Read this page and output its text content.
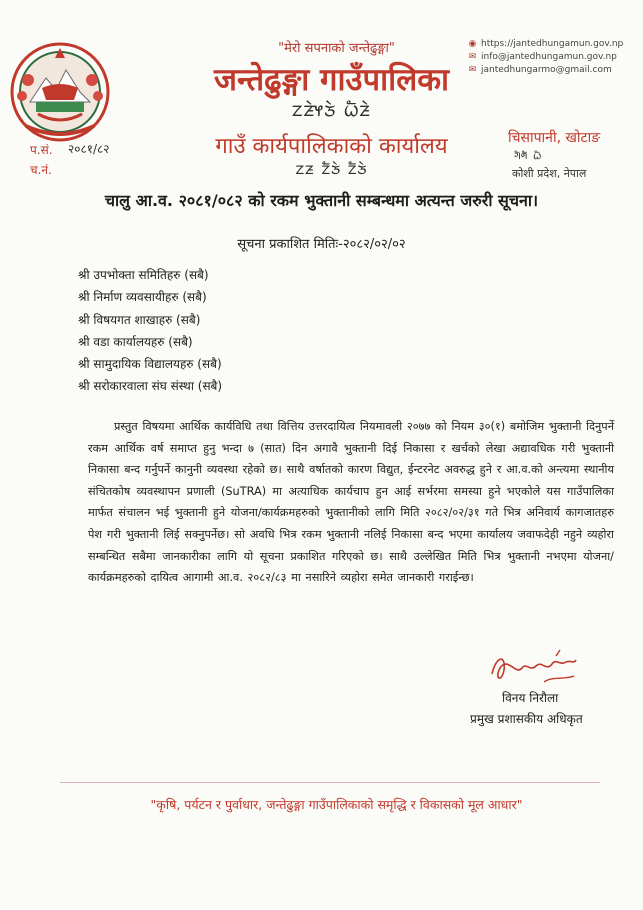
"मेरो सपनाको जन्तेढुङ्गा"
जन्तेढुङ्गा गाउँपालिका
ᤁᤏᤧᤶᤍᤧ ᤐᤠᤏᤧ
गाउँ कार्यपालिकाको कार्यालय
ᤁᤏ ᤁᤠᤍᤧ ᤁᤠᤍᤧ
◉ https://jantedhungamun.gov.np
✉ info@jantedhungamun.gov.np
✉ jantedhungarmo@gmail.com
चिसापानी, खोटाङ
ᤆᤠᤛᤠ ᤐᤠ
कोशी प्रदेश, नेपाल
प.सं.
च.नं.
२०८१/८२
चालु आ.व. २०८१/०८२ को रकम भुक्तानी सम्बन्धमा अत्यन्त जरुरी सूचना।
सूचना प्रकाशित मितिः-२०८२/०२/०२
श्री उपभोक्ता समितिहरु (सबै)
श्री निर्माण व्यवसायीहरु (सबै)
श्री विषयगत शाखाहरु (सबै)
श्री वडा कार्यालयहरु (सबै)
श्री सामुदायिक विद्यालयहरु (सबै)
श्री सरोकारवाला संघ संस्था (सबै)

प्रस्तुत विषयमा आर्थिक कार्यविधि तथा वित्तिय उत्तरदायित्व नियमावली २०७७ को नियम ३०(१) बमोजिम भुक्तानी दिनुपर्ने रकम आर्थिक वर्ष समाप्त हुनु भन्दा ७ (सात) दिन अगावै भुक्तानी दिई निकासा र खर्चको लेखा अद्यावधिक गरी भुक्तानी निकासा बन्द गर्नुपर्ने कानुनी व्यवस्था रहेको छ। साथै वर्षातको कारण विद्युत, ईन्टरनेट अवरुद्ध हुने र आ.व.को अन्त्यमा स्थानीय संचितकोष व्यवस्थापन प्रणाली (SuTRA) मा अत्याधिक कार्यचाप हुन आई सर्भरमा समस्या हुने भएकोले यस गाउँपालिका मार्फत संचालन भई भुक्तानी हुने योजना/कार्यक्रमहरुको भुक्तानीको लागि मिति २०८२/०२/३१ गते भित्र अनिवार्य कागजातहरु पेश गरी भुक्तानी लिई सक्नुपर्नेछ। सो अवधि भित्र रकम भुक्तानी नलिई निकासा बन्द भएमा कार्यालय जवाफदेही नहुने व्यहोरा सम्बन्धित सबैमा जानकारीका लागि यो सूचना प्रकाशित गरिएको छ। साथै उल्लेखित मिति भित्र भुक्तानी नभएमा योजना/कार्यक्रमहरुको दायित्व आगामी आ.व. २०८२/८३ मा नसारिने व्यहोरा समेत जानकारी गराईन्छ।

विनय निरौला
प्रमुख प्रशासकीय अधिकृत
"कृषि, पर्यटन र पुर्वाधार, जन्तेढुङ्गा गाउँपालिकाको समृद्धि र विकासको मूल आधार"
